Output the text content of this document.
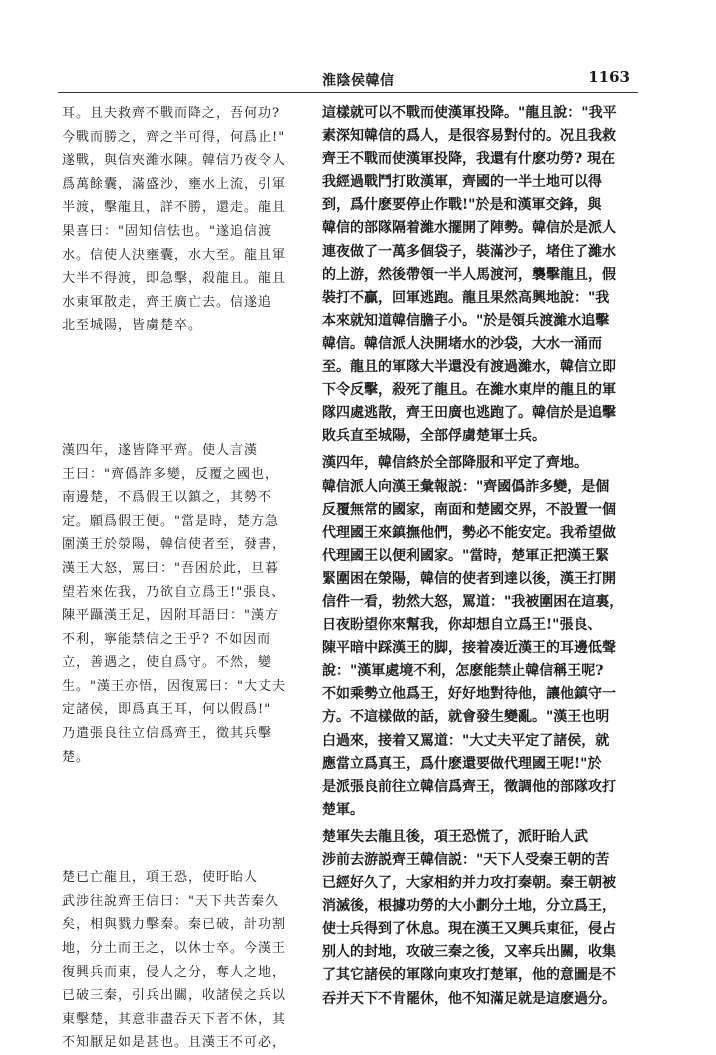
淮陰侯韓信	1163

耳。且夫救齊不戰而降之，吾何功?
今戰而勝之，齊之半可得，何爲止!"
遂戰，與信夾濰水陳。韓信乃夜令人
爲萬餘囊，滿盛沙，壅水上流，引軍
半渡，擊龍且，詳不勝，還走。龍且
果喜曰："固知信怯也。"遂追信渡
水。信使人決壅囊，水大至。龍且軍
大半不得渡，即急擊，殺龍且。龍且
水東軍散走，齊王廣亡去。信遂追
北至城陽，皆虜楚卒。

漢四年，遂皆降平齊。使人言漢
王曰："齊僞詐多變，反覆之國也，
南邊楚，不爲假王以鎮之，其勢不
定。願爲假王便。"當是時，楚方急
圍漢王於滎陽，韓信使者至，發書，
漢王大怒，罵曰："吾困於此，旦暮
望若來佐我，乃欲自立爲王!"張良、
陳平躡漢王足，因附耳語曰："漢方
不利，寧能禁信之王乎? 不如因而
立，善遇之，使自爲守。不然，變
生。"漢王亦悟，因復罵曰："大丈夫
定諸侯，即爲真王耳，何以假爲!"
乃遣張良往立信爲齊王，徵其兵擊
楚。

楚已亡龍且，項王恐，使盱眙人
武涉往說齊王信曰："天下共苦秦久
矣，相與戮力擊秦。秦已破，計功割
地，分土而王之，以休士卒。今漢王
復興兵而東，侵人之分，奪人之地，
已破三秦，引兵出關，收諸侯之兵以
東擊楚，其意非盡吞天下者不休，其
不知厭足如是甚也。且漢王不可必，

這樣就可以不戰而使漢軍投降。"龍且說："我平
素深知韓信的爲人，是很容易對付的。况且我救
齊王不戰而使漢軍投降，我還有什麽功勞? 現在
我經過戰鬥打敗漢軍，齊國的一半土地可以得
到，爲什麽要停止作戰!"於是和漢軍交鋒，與
韓信的部隊隔着濰水擺開了陣勢。韓信於是派人
連夜做了一萬多個袋子，裝滿沙子，堵住了濰水
的上游，然後帶領一半人馬渡河，襲擊龍且，假
裝打不贏，回軍逃跑。龍且果然高興地說："我
本來就知道韓信膽子小。"於是領兵渡濰水追擊
韓信。韓信派人決開堵水的沙袋，大水一涌而
至。龍且的軍隊大半還没有渡過濰水，韓信立即
下令反擊，殺死了龍且。在濰水東岸的龍且的軍
隊四處逃散，齊王田廣也逃跑了。韓信於是追擊
敗兵直至城陽，全部俘虜楚軍士兵。

漢四年，韓信終於全部降服和平定了齊地。
韓信派人向漢王彙報説："齊國僞詐多變，是個
反覆無常的國家，南面和楚國交界，不設置一個
代理國王來鎮撫他們，勢必不能安定。我希望做
代理國王以便利國家。"當時，楚軍正把漢王緊
緊圍困在滎陽，韓信的使者到達以後，漢王打開
信件一看，勃然大怒，罵道："我被圍困在這裏，
日夜盼望你來幫我，你却想自立爲王!"張良、
陳平暗中踩漢王的脚，接着凑近漢王的耳邊低聲
說："漢軍處境不利，怎麽能禁止韓信稱王呢?
不如乘勢立他爲王，好好地對待他，讓他鎮守一
方。不這樣做的話，就會發生變亂。"漢王也明
白過來，接着又罵道："大丈夫平定了諸侯，就
應當立爲真王，爲什麽還要做代理國王呢!"於
是派張良前往立韓信爲齊王，徵調他的部隊攻打
楚軍。

楚軍失去龍且後，項王恐慌了，派盱眙人武
涉前去游説齊王韓信説："天下人受秦王朝的苦
已經好久了，大家相約并力攻打秦朝。秦王朝被
消滅後，根據功勞的大小劃分土地，分立爲王，
使士兵得到了休息。現在漢王又興兵東征，侵占
别人的封地，攻破三秦之後，又率兵出關，收集
了其它諸侯的軍隊向東攻打楚軍，他的意圖是不
吞并天下不肯罷休，他不知滿足就是這麽過分。
